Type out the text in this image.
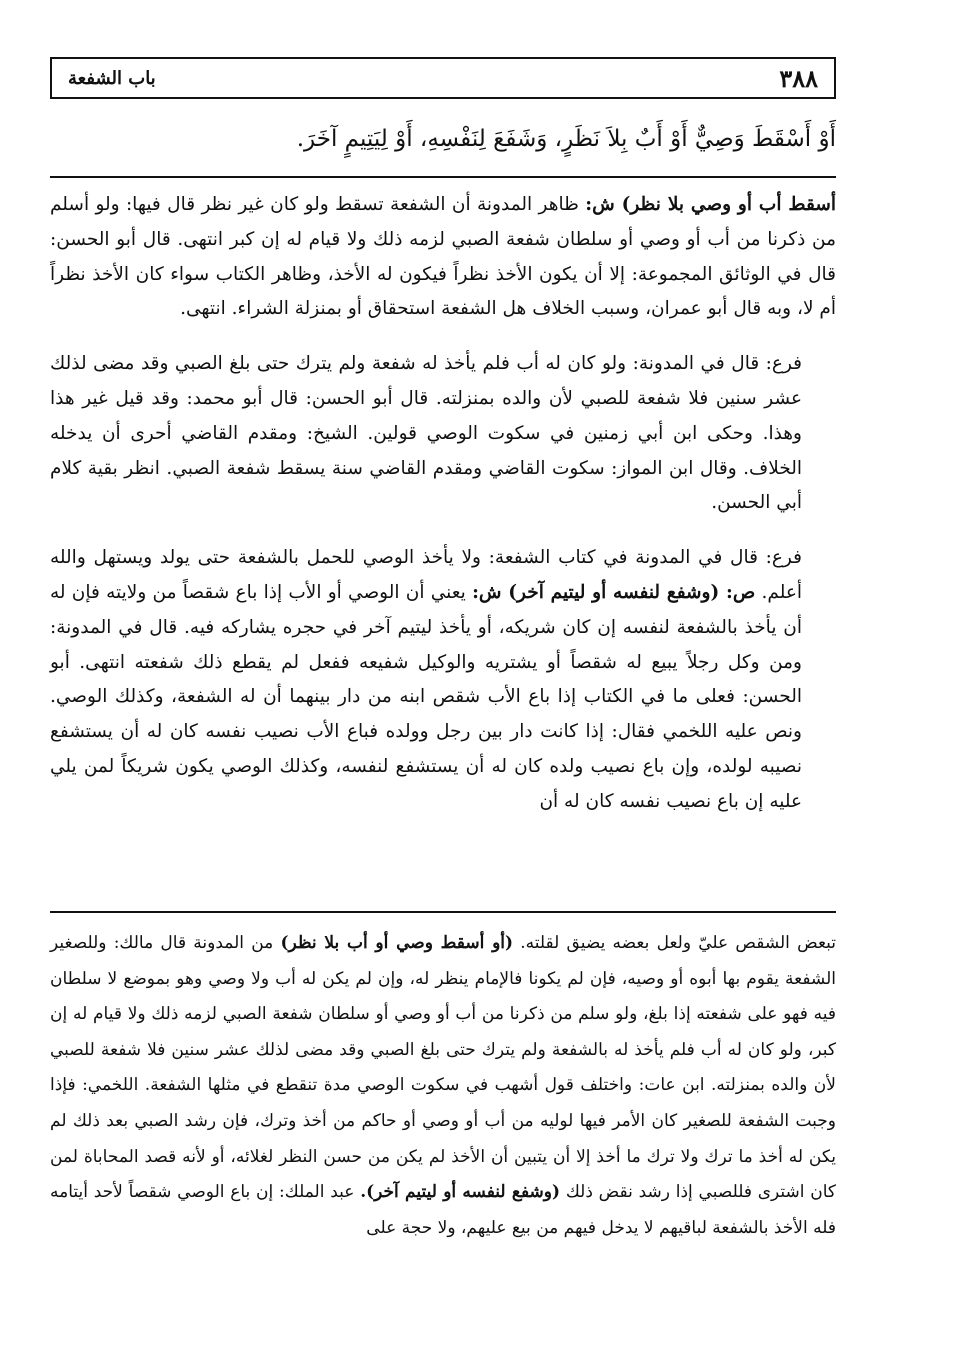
٣٨٨
باب الشفعة
أَوْ أَسْقَطَ وَصِيٌّ أَوْ أَبٌ بِلاَ نَظَرٍ، وَشَفَعَ لِنَفْسِهِ، أَوْ لِيَتِيمٍ آخَرَ.

أسقط أب أو وصي بلا نظر) ش: ظاهر المدونة أن الشفعة تسقط ولو كان غير نظر قال فيها: ولو أسلم من ذكرنا من أب أو وصي أو سلطان شفعة الصبي لزمه ذلك ولا قيام له إن كبر انتهى. قال أبو الحسن: قال في الوثائق المجموعة: إلا أن يكون الأخذ نظراً فيكون له الأخذ، وظاهر الكتاب سواء كان الأخذ نظراً أم لا، وبه قال أبو عمران، وسبب الخلاف هل الشفعة استحقاق أو بمنزلة الشراء. انتهى.

فرع: قال في المدونة: ولو كان له أب فلم يأخذ له شفعة ولم يترك حتى بلغ الصبي وقد مضى لذلك عشر سنين فلا شفعة للصبي لأن والده بمنزلته. قال أبو الحسن: قال أبو محمد: وقد قيل غير هذا وهذا. وحكى ابن أبي زمنين في سكوت الوصي قولين. الشيخ: ومقدم القاضي أحرى أن يدخله الخلاف. وقال ابن المواز: سكوت القاضي ومقدم القاضي سنة يسقط شفعة الصبي. انظر بقية كلام أبي الحسن.

فرع: قال في المدونة في كتاب الشفعة: ولا يأخذ الوصي للحمل بالشفعة حتى يولد ويستهل والله أعلم. ص: (وشفع لنفسه أو ليتيم آخر) ش: يعني أن الوصي أو الأب إذا باع شقصاً من ولايته فإن له أن يأخذ بالشفعة لنفسه إن كان شريكه، أو يأخذ ليتيم آخر في حجره يشاركه فيه. قال في المدونة: ومن وكل رجلاً يبيع له شقصاً أو يشتريه والوكيل شفيعه ففعل لم يقطع ذلك شفعته انتهى. أبو الحسن: فعلى ما في الكتاب إذا باع الأب شقص ابنه من دار بينهما أن له الشفعة، وكذلك الوصي. ونص عليه اللخمي فقال: إذا كانت دار بين رجل وولده فباع الأب نصيب نفسه كان له أن يستشفع نصيبه لولده، وإن باع نصيب ولده كان له أن يستشفع لنفسه، وكذلك الوصي يكون شريكاً لمن يلي عليه إن باع نصيب نفسه كان له أن

تبعض الشقص عليّ ولعل بعضه يضيق لقلته. (أو أسقط وصي أو أب بلا نظر) من المدونة قال مالك: وللصغير الشفعة يقوم بها أبوه أو وصيه، فإن لم يكونا فالإمام ينظر له، وإن لم يكن له أب ولا وصي وهو بموضع لا سلطان فيه فهو على شفعته إذا بلغ، ولو سلم من ذكرنا من أب أو وصي أو سلطان شفعة الصبي لزمه ذلك ولا قيام له إن كبر، ولو كان له أب فلم يأخذ له بالشفعة ولم يترك حتى بلغ الصبي وقد مضى لذلك عشر سنين فلا شفعة للصبي لأن والده بمنزلته. ابن عات: واختلف قول أشهب في سكوت الوصي مدة تنقطع في مثلها الشفعة. اللخمي: فإذا وجبت الشفعة للصغير كان الأمر فيها لوليه من أب أو وصي أو حاكم من أخذ وترك، فإن رشد الصبي بعد ذلك لم يكن له أخذ ما ترك ولا ترك ما أخذ إلا أن يتبين أن الأخذ لم يكن من حسن النظر لغلائه، أو لأنه قصد المحاباة لمن كان اشترى فللصبي إذا رشد نقض ذلك (وشفع لنفسه أو ليتيم آخر). عبد الملك: إن باع الوصي شقصاً لأحد أيتامه فله الأخذ بالشفعة لباقيهم لا يدخل فيهم من بيع عليهم، ولا حجة على
